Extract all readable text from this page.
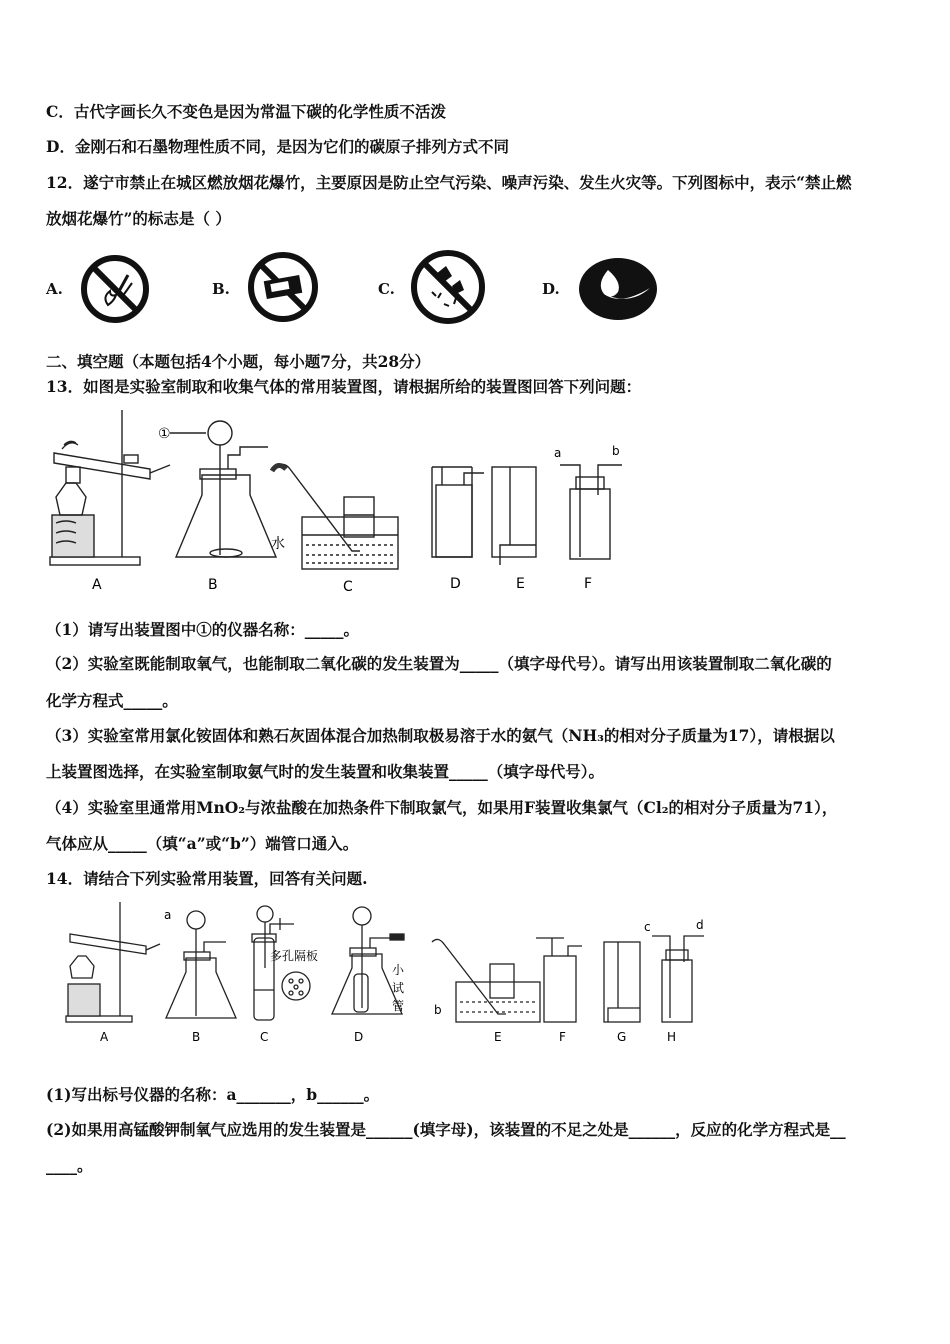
C．古代字画长久不变色是因为常温下碳的化学性质不活泼
D．金刚石和石墨物理性质不同，是因为它们的碳原子排列方式不同
12．遂宁市禁止在城区燃放烟花爆竹，主要原因是防止空气污染、噪声污染、发生火灾等。下列图标中，表示“禁止燃
放烟花爆竹”的标志是（ ）
A.	B.	C.	D.
二、填空题（本题包括4个小题，每小题7分，共28分）
13．如图是实验室制取和收集气体的常用装置图，请根据所给的装置图回答下列问题：
A	B	C	D	E	F
①
水
a	b
（1）请写出装置图中①的仪器名称：_____。
（2）实验室既能制取氧气，也能制取二氧化碳的发生装置为_____（填字母代号）。请写出用该装置制取二氧化碳的
化学方程式_____。
（3）实验室常用氯化铵固体和熟石灰固体混合加热制取极易溶于水的氨气（NH₃的相对分子质量为17），请根据以
上装置图选择，在实验室制取氨气时的发生装置和收集装置_____（填字母代号）。
（4）实验室里通常用MnO₂与浓盐酸在加热条件下制取氯气，如果用F装置收集氯气（Cl₂的相对分子质量为71），
气体应从_____（填“a”或“b”）端管口通入。
14．请结合下列实验常用装置，回答有关问题.
A	B	C	D	E	F	G	H
a
b
c	d
多孔隔板
小
试
管
(1)写出标号仪器的名称：a_______，b______。
(2)如果用高锰酸钾制氧气应选用的发生装置是______(填字母)，该装置的不足之处是______，反应的化学方程式是__
____。
